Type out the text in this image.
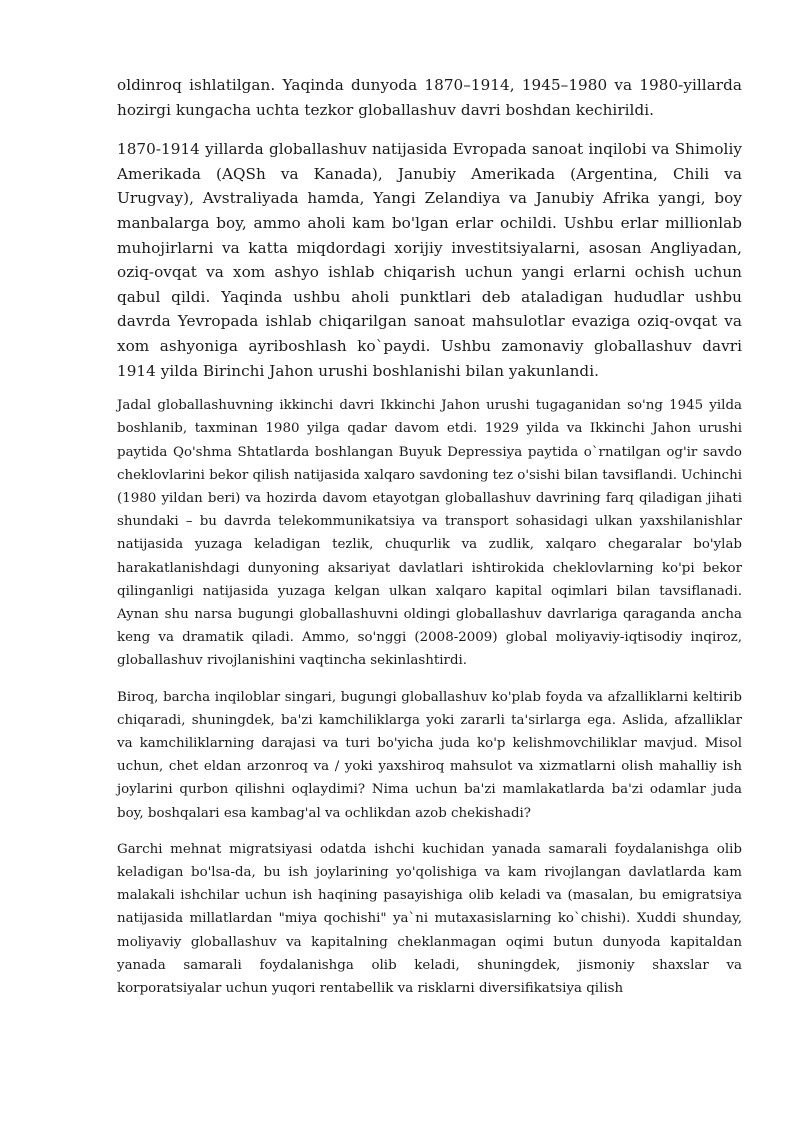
oldinroq ishlatilgan. Yaqinda dunyoda 1870–1914, 1945–1980 va 1980-yillarda hozirgi kungacha uchta tezkor globallashuv davri boshdan kechirildi.

1870-1914 yillarda globallashuv natijasida Evropada sanoat inqilobi va Shimoliy Amerikada (AQSh va Kanada), Janubiy Amerikada (Argentina, Chili va Urugvay), Avstraliyada hamda, Yangi Zelandiya va Janubiy Afrika yangi, boy manbalarga boy, ammo aholi kam bo'lgan erlar ochildi. Ushbu erlar millionlab muhojirlarni va katta miqdordagi xorijiy investitsiyalarni, asosan Angliyadan, oziq-ovqat va xom ashyo ishlab chiqarish uchun yangi erlarni ochish uchun qabul qildi. Yaqinda ushbu aholi punktlari deb ataladigan hududlar ushbu davrda Yevropada ishlab chiqarilgan sanoat mahsulotlar evaziga oziq-ovqat va xom ashyoniga ayriboshlash ko`paydi. Ushbu zamonaviy globallashuv davri 1914 yilda Birinchi Jahon urushi boshlanishi bilan yakunlandi.

Jadal globallashuvning ikkinchi davri Ikkinchi Jahon urushi tugaganidan so'ng 1945 yilda boshlanib, taxminan 1980 yilga qadar davom etdi. 1929 yilda va Ikkinchi Jahon urushi paytida Qo'shma Shtatlarda boshlangan Buyuk Depressiya paytida o`rnatilgan og'ir savdo cheklovlarini bekor qilish natijasida xalqaro savdoning tez o'sishi bilan tavsiflandi. Uchinchi (1980 yildan beri) va hozirda davom etayotgan globallashuv davrining farq qiladigan jihati shundaki – bu davrda telekommunikatsiya va transport sohasidagi ulkan yaxshilanishlar natijasida yuzaga keladigan tezlik, chuqurlik va zudlik, xalqaro chegaralar bo'ylab harakatlanishdagi dunyoning aksariyat davlatlari ishtirokida cheklovlarning ko'pi bekor qilinganligi natijasida yuzaga kelgan ulkan xalqaro kapital oqimlari bilan tavsiflanadi. Aynan shu narsa bugungi globallashuvni oldingi globallashuv davrlariga qaraganda ancha keng va dramatik qiladi. Ammo, so'nggi (2008-2009) global moliyaviy-iqtisodiy inqiroz, globallashuv rivojlanishini vaqtincha sekinlashtirdi.

Biroq, barcha inqiloblar singari, bugungi globallashuv ko'plab foyda va afzalliklarni keltirib chiqaradi, shuningdek, ba'zi kamchiliklarga yoki zararli ta'sirlarga ega. Aslida, afzalliklar va kamchiliklarning darajasi va turi bo'yicha juda ko'p kelishmovchiliklar mavjud. Misol uchun, chet eldan arzonroq va / yoki yaxshiroq mahsulot va xizmatlarni olish mahalliy ish joylarini qurbon qilishni oqlaydimi? Nima uchun ba'zi mamlakatlarda ba'zi odamlar juda boy, boshqalari esa kambag'al va ochlikdan azob chekishadi?

Garchi mehnat migratsiyasi odatda ishchi kuchidan yanada samarali foydalanishga olib keladigan bo'lsa-da, bu ish joylarining yo'qolishiga va kam rivojlangan davlatlarda kam malakali ishchilar uchun ish haqining pasayishiga olib keladi va (masalan, bu emigratsiya natijasida millatlardan "miya qochishi" ya`ni mutaxasislarning ko`chishi). Xuddi shunday, moliyaviy globallashuv va kapitalning cheklanmagan oqimi butun dunyoda kapitaldan yanada samarali foydalanishga olib keladi, shuningdek, jismoniy shaxslar va korporatsiyalar uchun yuqori rentabellik va risklarni diversifikatsiya qilish
